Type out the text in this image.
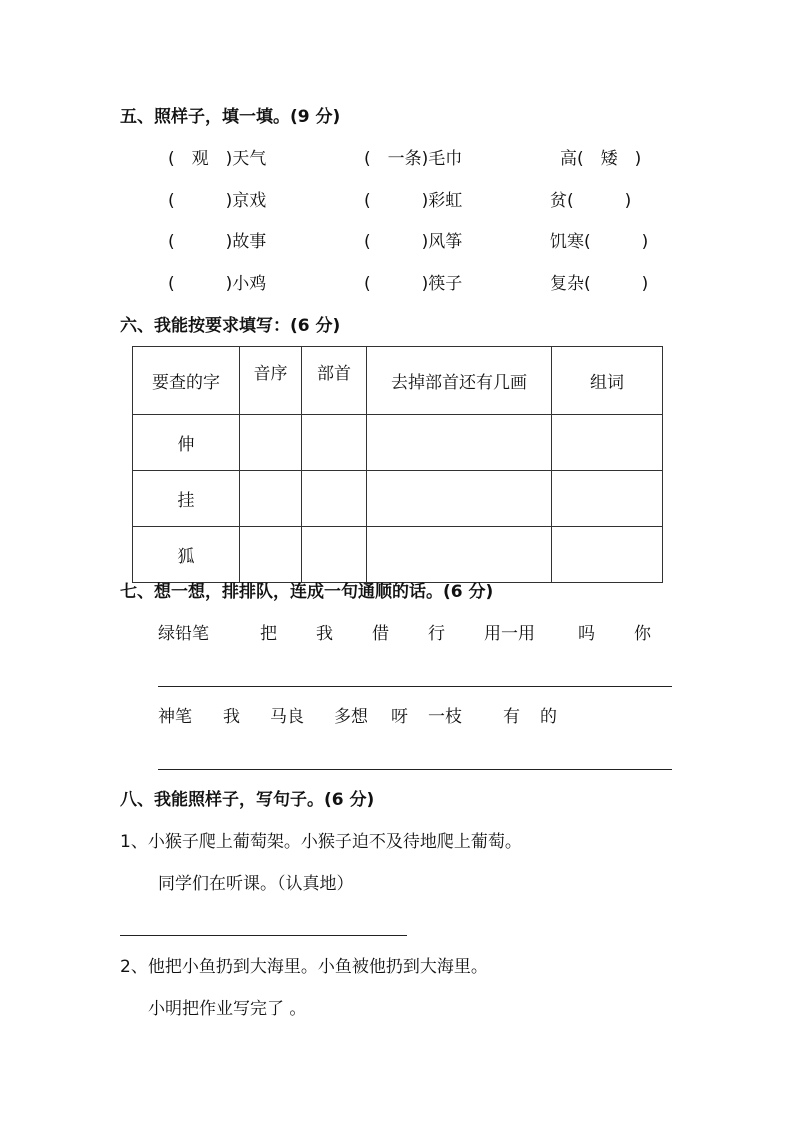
五、照样子，填一填。(9 分)
(　观　)天气	(　一条)毛巾	高(　矮　)
(　　　)京戏	(　　　)彩虹	贫(　　　)
(　　　)故事	(　　　)风筝	饥寒(　　　)
(　　　)小鸡	(　　　)筷子	复杂(　　　)
六、我能按要求填写：(6 分)
要查的字	音序	部首	去掉部首还有几画	组词
伸				
挂				
狐				
七、想一想，排排队，连成一句通顺的话。(6 分)
绿铅笔	把 我 借 行 用一用	吗 你
神笔 我 马良 多想 呀 一枝 有 的
八、我能照样子，写句子。(6 分)
1、小猴子爬上葡萄架。小猴子迫不及待地爬上葡萄。
同学们在听课。（认真地）
2、他把小鱼扔到大海里。小鱼被他扔到大海里。
小明把作业写完了 。
